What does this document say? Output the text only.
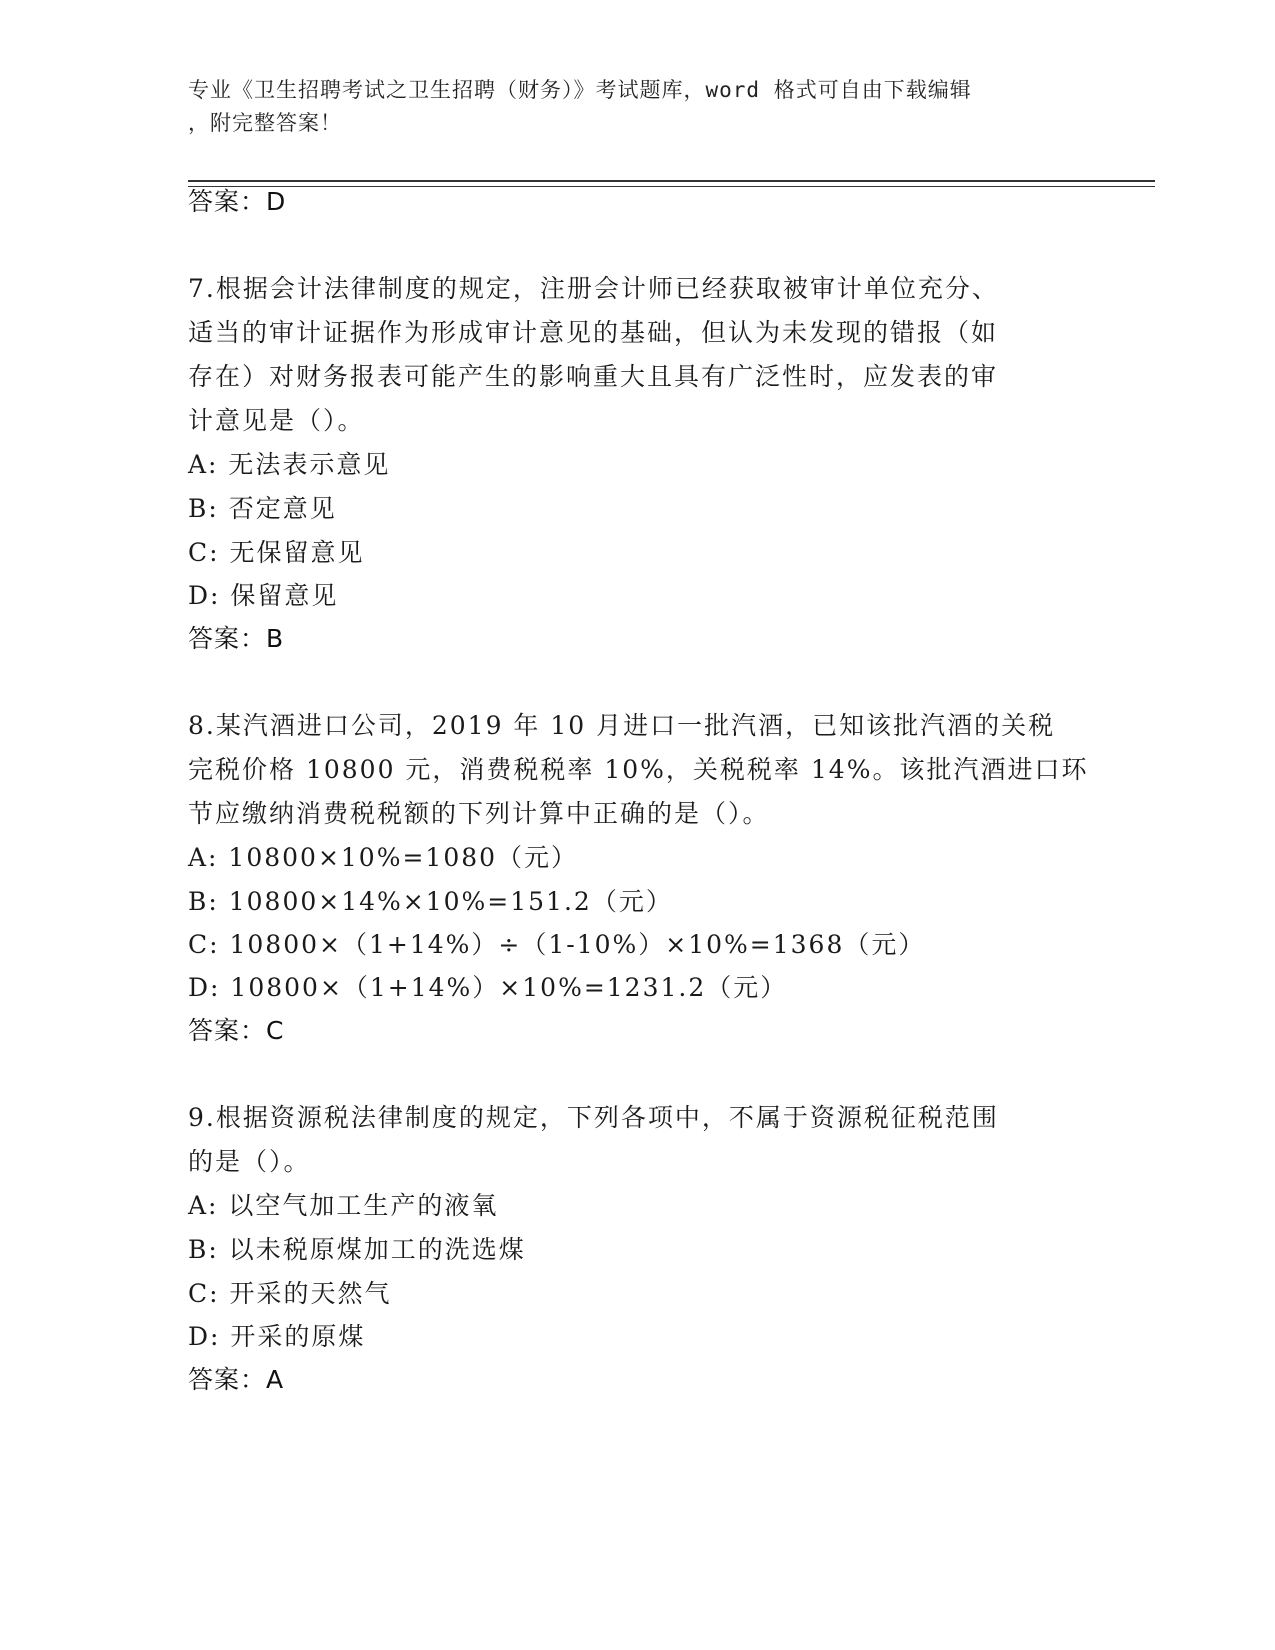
专业《卫生招聘考试之卫生招聘（财务）》考试题库，word 格式可自由下载编辑
，附完整答案！
答案：D
7.根据会计法律制度的规定，注册会计师已经获取被审计单位充分、
适当的审计证据作为形成审计意见的基础，但认为未发现的错报（如
存在）对财务报表可能产生的影响重大且具有广泛性时，应发表的审
计意见是（）。
A: 无法表示意见
B: 否定意见
C: 无保留意见
D: 保留意见
答案：B
8.某汽酒进口公司，2019 年 10 月进口一批汽酒，已知该批汽酒的关税
完税价格 10800 元，消费税税率 10%，关税税率 14%。该批汽酒进口环
节应缴纳消费税税额的下列计算中正确的是（）。
A: 10800×10%=1080（元）
B: 10800×14%×10%=151.2（元）
C: 10800×（1+14%）÷（1-10%）×10%=1368（元）
D: 10800×（1+14%）×10%=1231.2（元）
答案：C
9.根据资源税法律制度的规定，下列各项中，不属于资源税征税范围
的是（）。
A: 以空气加工生产的液氧
B: 以未税原煤加工的洗选煤
C: 开采的天然气
D: 开采的原煤
答案：A
